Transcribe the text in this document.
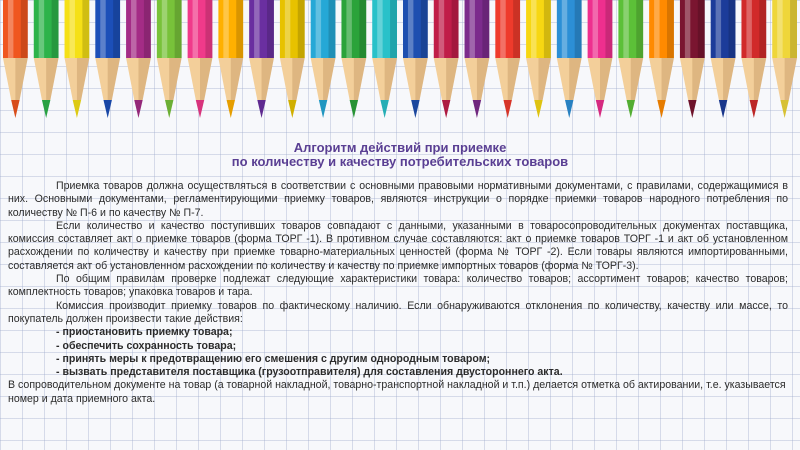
Алгоритм действий при приемке
по количеству и качеству потребительских товаров

Приемка товаров должна осуществляться в соответствии с основными правовыми нормативными документами, с правилами, содержащимися в них. Основными документами, регламентирующими приемку товаров, являются инструкции о порядке приемки товаров народного потребления по количеству № П-6 и по качеству № П-7.

Если количество и качество поступивших товаров совпадают с данными, указанными в товаросопроводительных документах поставщика, комиссия составляет акт о приемке товаров (форма ТОРГ -1). В противном случае составляются: акт о приемке товаров ТОРГ -1 и акт об установленном расхождении по количеству и качеству при приемке товарно-материальных ценностей (форма № ТОРГ -2). Если товары являются импортированными, составляется акт об установленном расхождении по количеству и качеству по приемке импортных товаров (форма № ТОРГ-3).

По общим правилам проверке подлежат следующие характеристики товара: количество товаров; ассортимент товаров; качество товаров; комплектность товаров; упаковка товаров и тара.

Комиссия производит приемку товаров по фактическому наличию. Если обнаруживаются отклонения по количеству, качеству или массе, то покупатель должен произвести такие действия:

- приостановить приемку товара;

- обеспечить сохранность товара;

- принять меры к предотвращению его смешения с другим однородным товаром;

- вызвать представителя поставщика (грузоотправителя) для составления двустороннего акта.

В сопроводительном документе на товар (а товарной накладной, товарно-транспортной накладной и т.п.) делается отметка об актировании, т.е. указывается номер и дата приемного акта.
